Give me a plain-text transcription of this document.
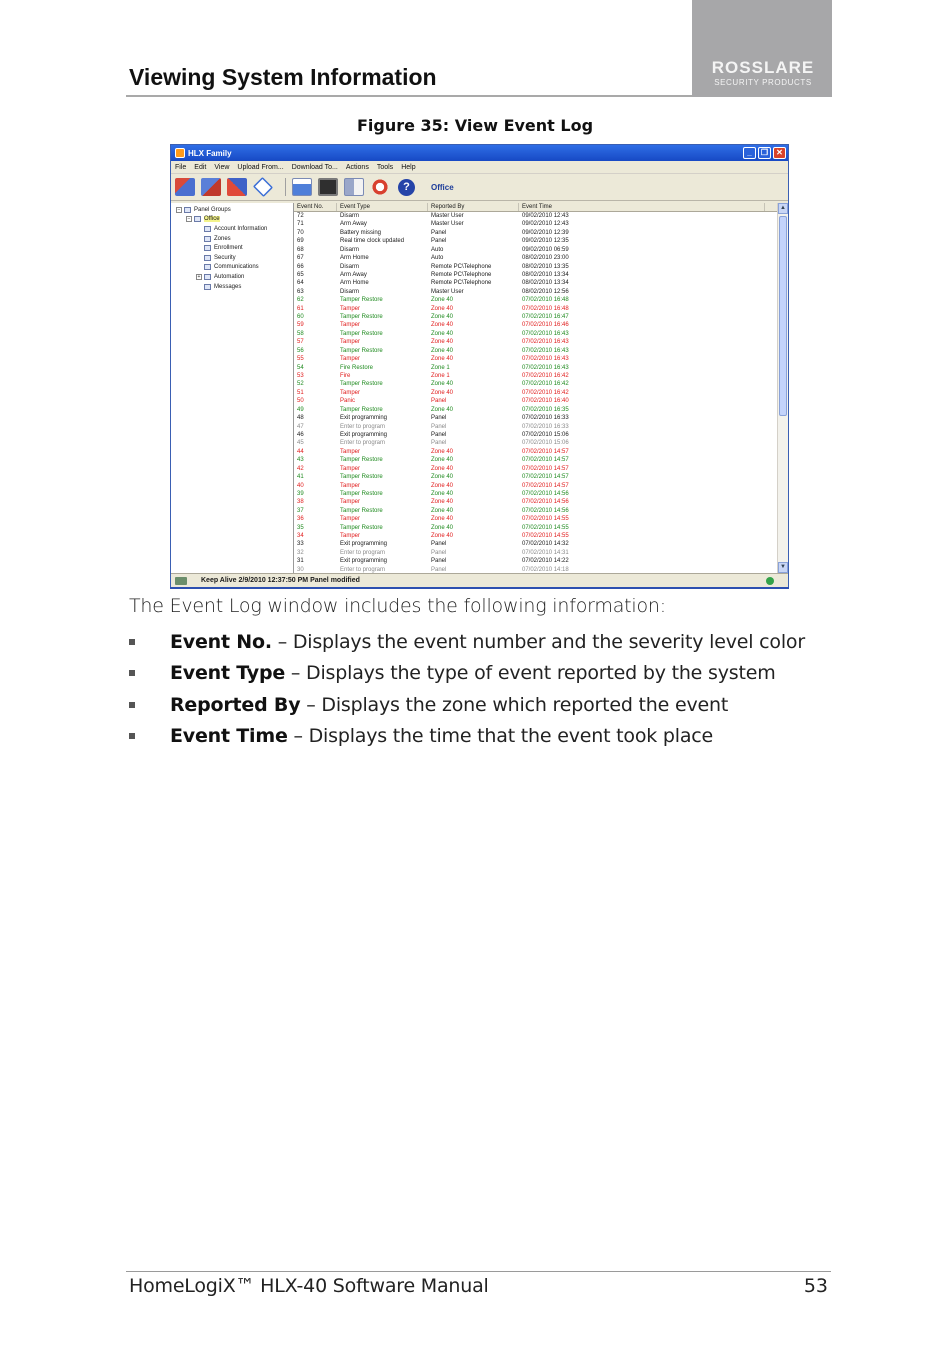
Viewing System Information	ROSSLARE
SECURITY PRODUCTS
Figure 35: View Event Log
HLX Family	_	❐	✕
File Edit View Upload From... Download To... Actions Tools Help
?	Office
− Panel Groups
− Office
Account Information
Zones
Enrollment
Security
Communications
+ Automation
Messages
Event No.	Event Type	Reported By	Event Time
72	Disarm	Master User	09/02/2010 12:43
71	Arm Away	Master User	09/02/2010 12:43
70	Battery missing	Panel	09/02/2010 12:39
69	Real time clock updated	Panel	09/02/2010 12:35
68	Disarm	Auto	09/02/2010 06:59
67	Arm Home	Auto	08/02/2010 23:00
66	Disarm	Remote PC\Telephone	08/02/2010 13:35
65	Arm Away	Remote PC\Telephone	08/02/2010 13:34
64	Arm Home	Remote PC\Telephone	08/02/2010 13:34
63	Disarm	Master User	08/02/2010 12:56
62	Tamper Restore	Zone 40	07/02/2010 16:48
61	Tamper	Zone 40	07/02/2010 16:48
60	Tamper Restore	Zone 40	07/02/2010 16:47
59	Tamper	Zone 40	07/02/2010 16:46
58	Tamper Restore	Zone 40	07/02/2010 16:43
57	Tamper	Zone 40	07/02/2010 16:43
56	Tamper Restore	Zone 40	07/02/2010 16:43
55	Tamper	Zone 40	07/02/2010 16:43
54	Fire Restore	Zone 1	07/02/2010 16:43
53	Fire	Zone 1	07/02/2010 16:42
52	Tamper Restore	Zone 40	07/02/2010 16:42
51	Tamper	Zone 40	07/02/2010 16:42
50	Panic	Panel	07/02/2010 16:40
49	Tamper Restore	Zone 40	07/02/2010 16:35
48	Exit programming	Panel	07/02/2010 16:33
47	Enter to program	Panel	07/02/2010 16:33
46	Exit programming	Panel	07/02/2010 15:06
45	Enter to program	Panel	07/02/2010 15:06
44	Tamper	Zone 40	07/02/2010 14:57
43	Tamper Restore	Zone 40	07/02/2010 14:57
42	Tamper	Zone 40	07/02/2010 14:57
41	Tamper Restore	Zone 40	07/02/2010 14:57
40	Tamper	Zone 40	07/02/2010 14:57
39	Tamper Restore	Zone 40	07/02/2010 14:56
38	Tamper	Zone 40	07/02/2010 14:56
37	Tamper Restore	Zone 40	07/02/2010 14:56
36	Tamper	Zone 40	07/02/2010 14:55
35	Tamper Restore	Zone 40	07/02/2010 14:55
34	Tamper	Zone 40	07/02/2010 14:55
33	Exit programming	Panel	07/02/2010 14:32
32	Enter to program	Panel	07/02/2010 14:31
31	Exit programming	Panel	07/02/2010 14:22
30	Enter to program	Panel	07/02/2010 14:18
▲
▼
Keep Alive 2/9/2010 12:37:50 PM Panel modified
The Event Log window includes the following information:
Event No. – Displays the event number and the severity level color
Event Type – Displays the type of event reported by the system
Reported By – Displays the zone which reported the event
Event Time – Displays the time that the event took place
HomeLogiX™ HLX-40 Software Manual	53
